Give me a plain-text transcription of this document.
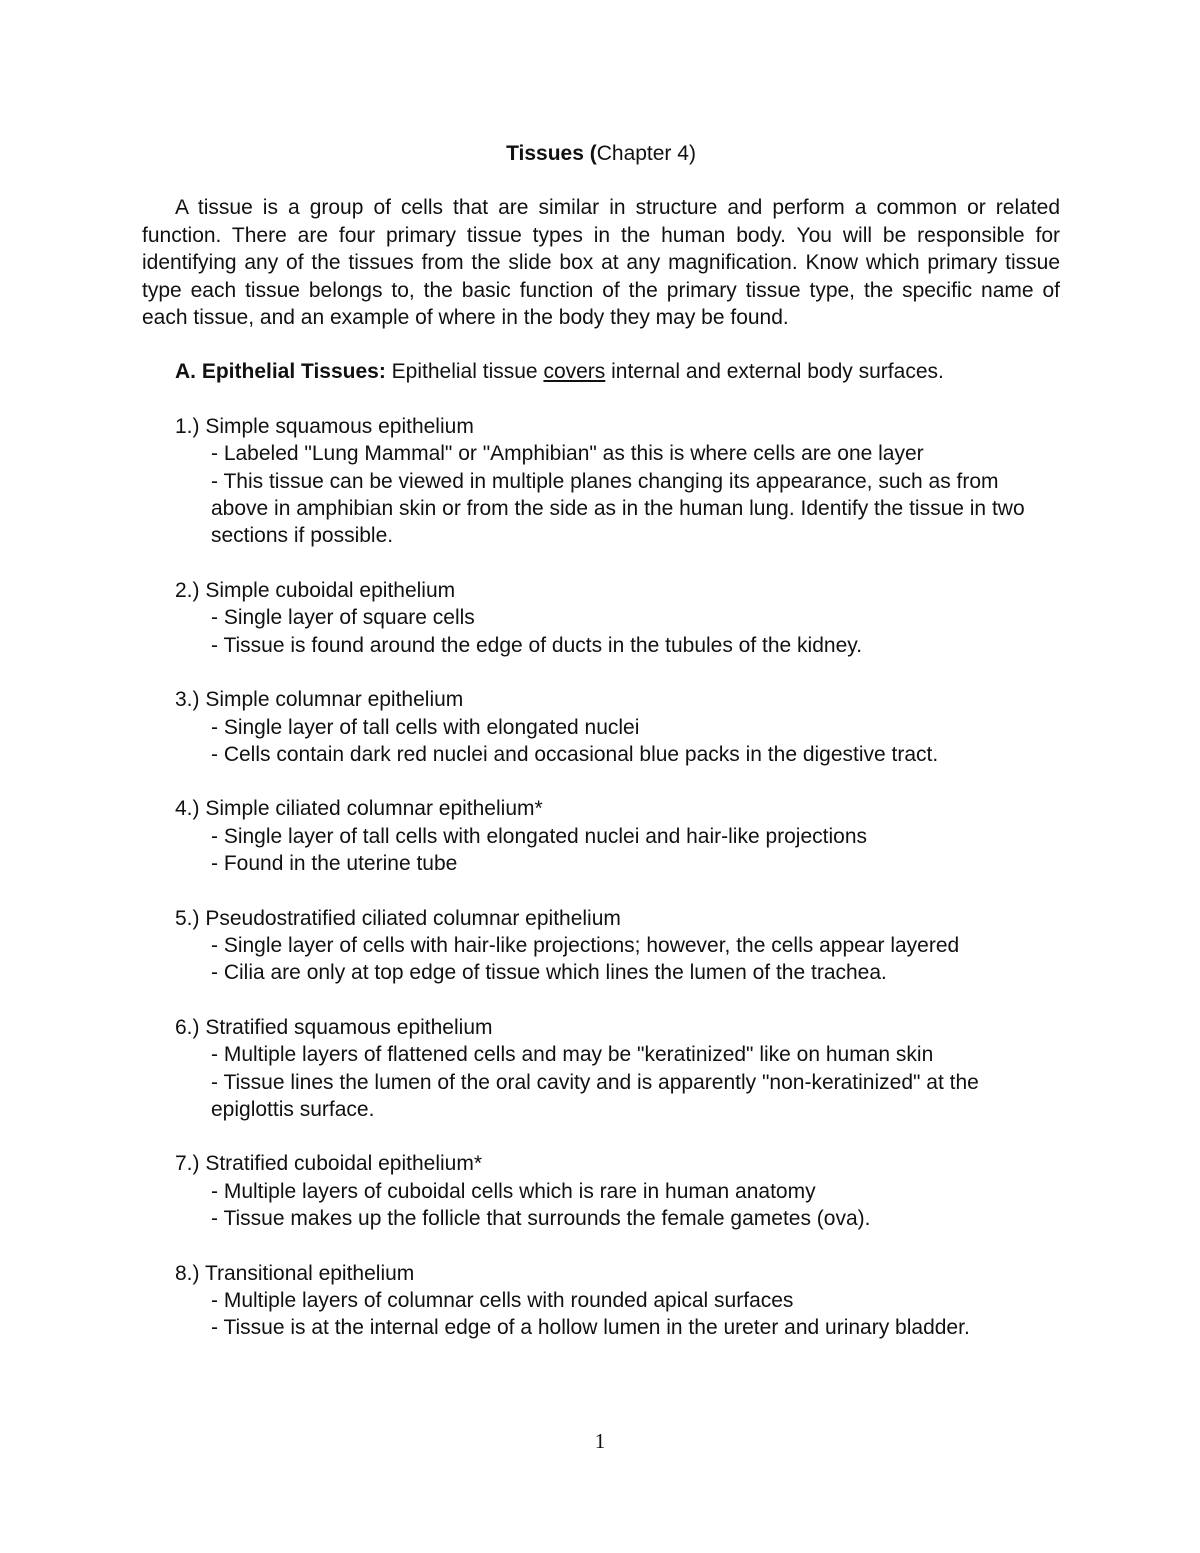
Tissues (Chapter 4)

A tissue is a group of cells that are similar in structure and perform a common or related function. There are four primary tissue types in the human body. You will be responsible for identifying any of the tissues from the slide box at any magnification. Know which primary tissue type each tissue belongs to, the basic function of the primary tissue type, the specific name of each tissue, and an example of where in the body they may be found.

A. Epithelial Tissues: Epithelial tissue covers internal and external body surfaces.

1.) Simple squamous epithelium

- Labeled "Lung Mammal" or "Amphibian" as this is where cells are one layer
- This tissue can be viewed in multiple planes changing its appearance, such as from above in amphibian skin or from the side as in the human lung. Identify the tissue in two sections if possible.

2.) Simple cuboidal epithelium

- Single layer of square cells
- Tissue is found around the edge of ducts in the tubules of the kidney.

3.) Simple columnar epithelium

- Single layer of tall cells with elongated nuclei
- Cells contain dark red nuclei and occasional blue packs in the digestive tract.

4.) Simple ciliated columnar epithelium*

- Single layer of tall cells with elongated nuclei and hair-like projections
- Found in the uterine tube

5.) Pseudostratified ciliated columnar epithelium

- Single layer of cells with hair-like projections; however, the cells appear layered
- Cilia are only at top edge of tissue which lines the lumen of the trachea.

6.) Stratified squamous epithelium

- Multiple layers of flattened cells and may be "keratinized" like on human skin
- Tissue lines the lumen of the oral cavity and is apparently "non-keratinized" at the epiglottis surface.

7.) Stratified cuboidal epithelium*

- Multiple layers of cuboidal cells which is rare in human anatomy
- Tissue makes up the follicle that surrounds the female gametes (ova).

8.) Transitional epithelium

- Multiple layers of columnar cells with rounded apical surfaces
- Tissue is at the internal edge of a hollow lumen in the ureter and urinary bladder.
1
